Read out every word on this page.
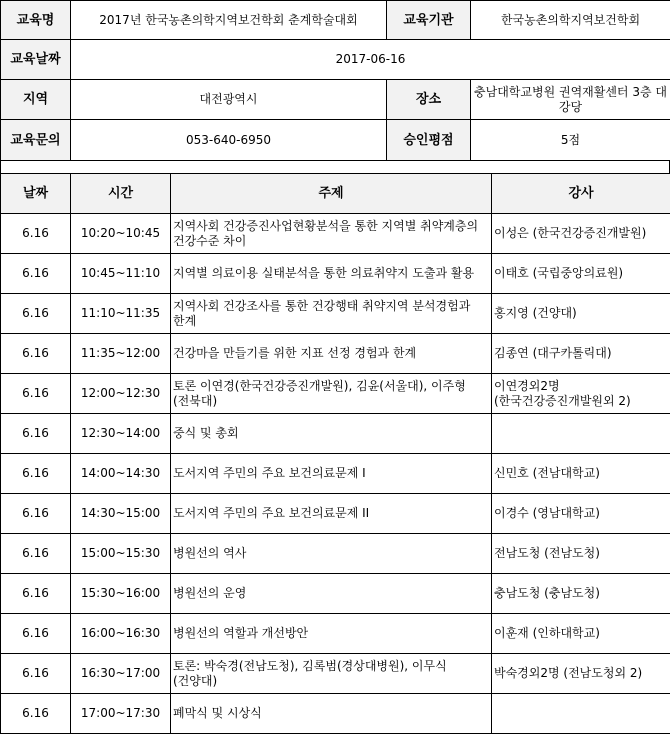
교육명	2017년 한국농촌의학지역보건학회 춘계학술대회	교육기관	한국농촌의학지역보건학회
교육날짜	2017-06-16		
지역	대전광역시	장소	충남대학교병원 권역재활센터 3층 대강당
교육문의	053-640-6950	승인평점	5점
날짜	시간	주제	강사
6.16	10:20~10:45	지역사회 건강증진사업현황분석을 통한 지역별 취약계층의 건강수준 차이	이성은 (한국건강증진개발원)
6.16	10:45~11:10	지역별 의료이용 실태분석을 통한 의료취약지 도출과 활용	이태호 (국립중앙의료원)
6.16	11:10~11:35	지역사회 건강조사를 통한 건강행태 취약지역 분석경험과 한계	홍지영 (건양대)
6.16	11:35~12:00	건강마을 만들기를 위한 지표 선정 경험과 한계	김종연 (대구카톨릭대)
6.16	12:00~12:30	토론 이연경(한국건강증진개발원), 김윤(서울대), 이주형(전북대)	이연경외2명 (한국건강증진개발원외 2)
6.16	12:30~14:00	중식 및 총회	
6.16	14:00~14:30	도서지역 주민의 주요 보건의료문제 I	신민호 (전남대학교)
6.16	14:30~15:00	도서지역 주민의 주요 보건의료문제 II	이경수 (영남대학교)
6.16	15:00~15:30	병원선의 역사	전남도청 (전남도청)
6.16	15:30~16:00	병원선의 운영	충남도청 (충남도청)
6.16	16:00~16:30	병원선의 역할과 개선방안	이훈재 (인하대학교)
6.16	16:30~17:00	토론: 박숙경(전남도청), 김록범(경상대병원), 이무식(건양대)	박숙경외2명 (전남도청외 2)
6.16	17:00~17:30	폐막식 및 시상식	
